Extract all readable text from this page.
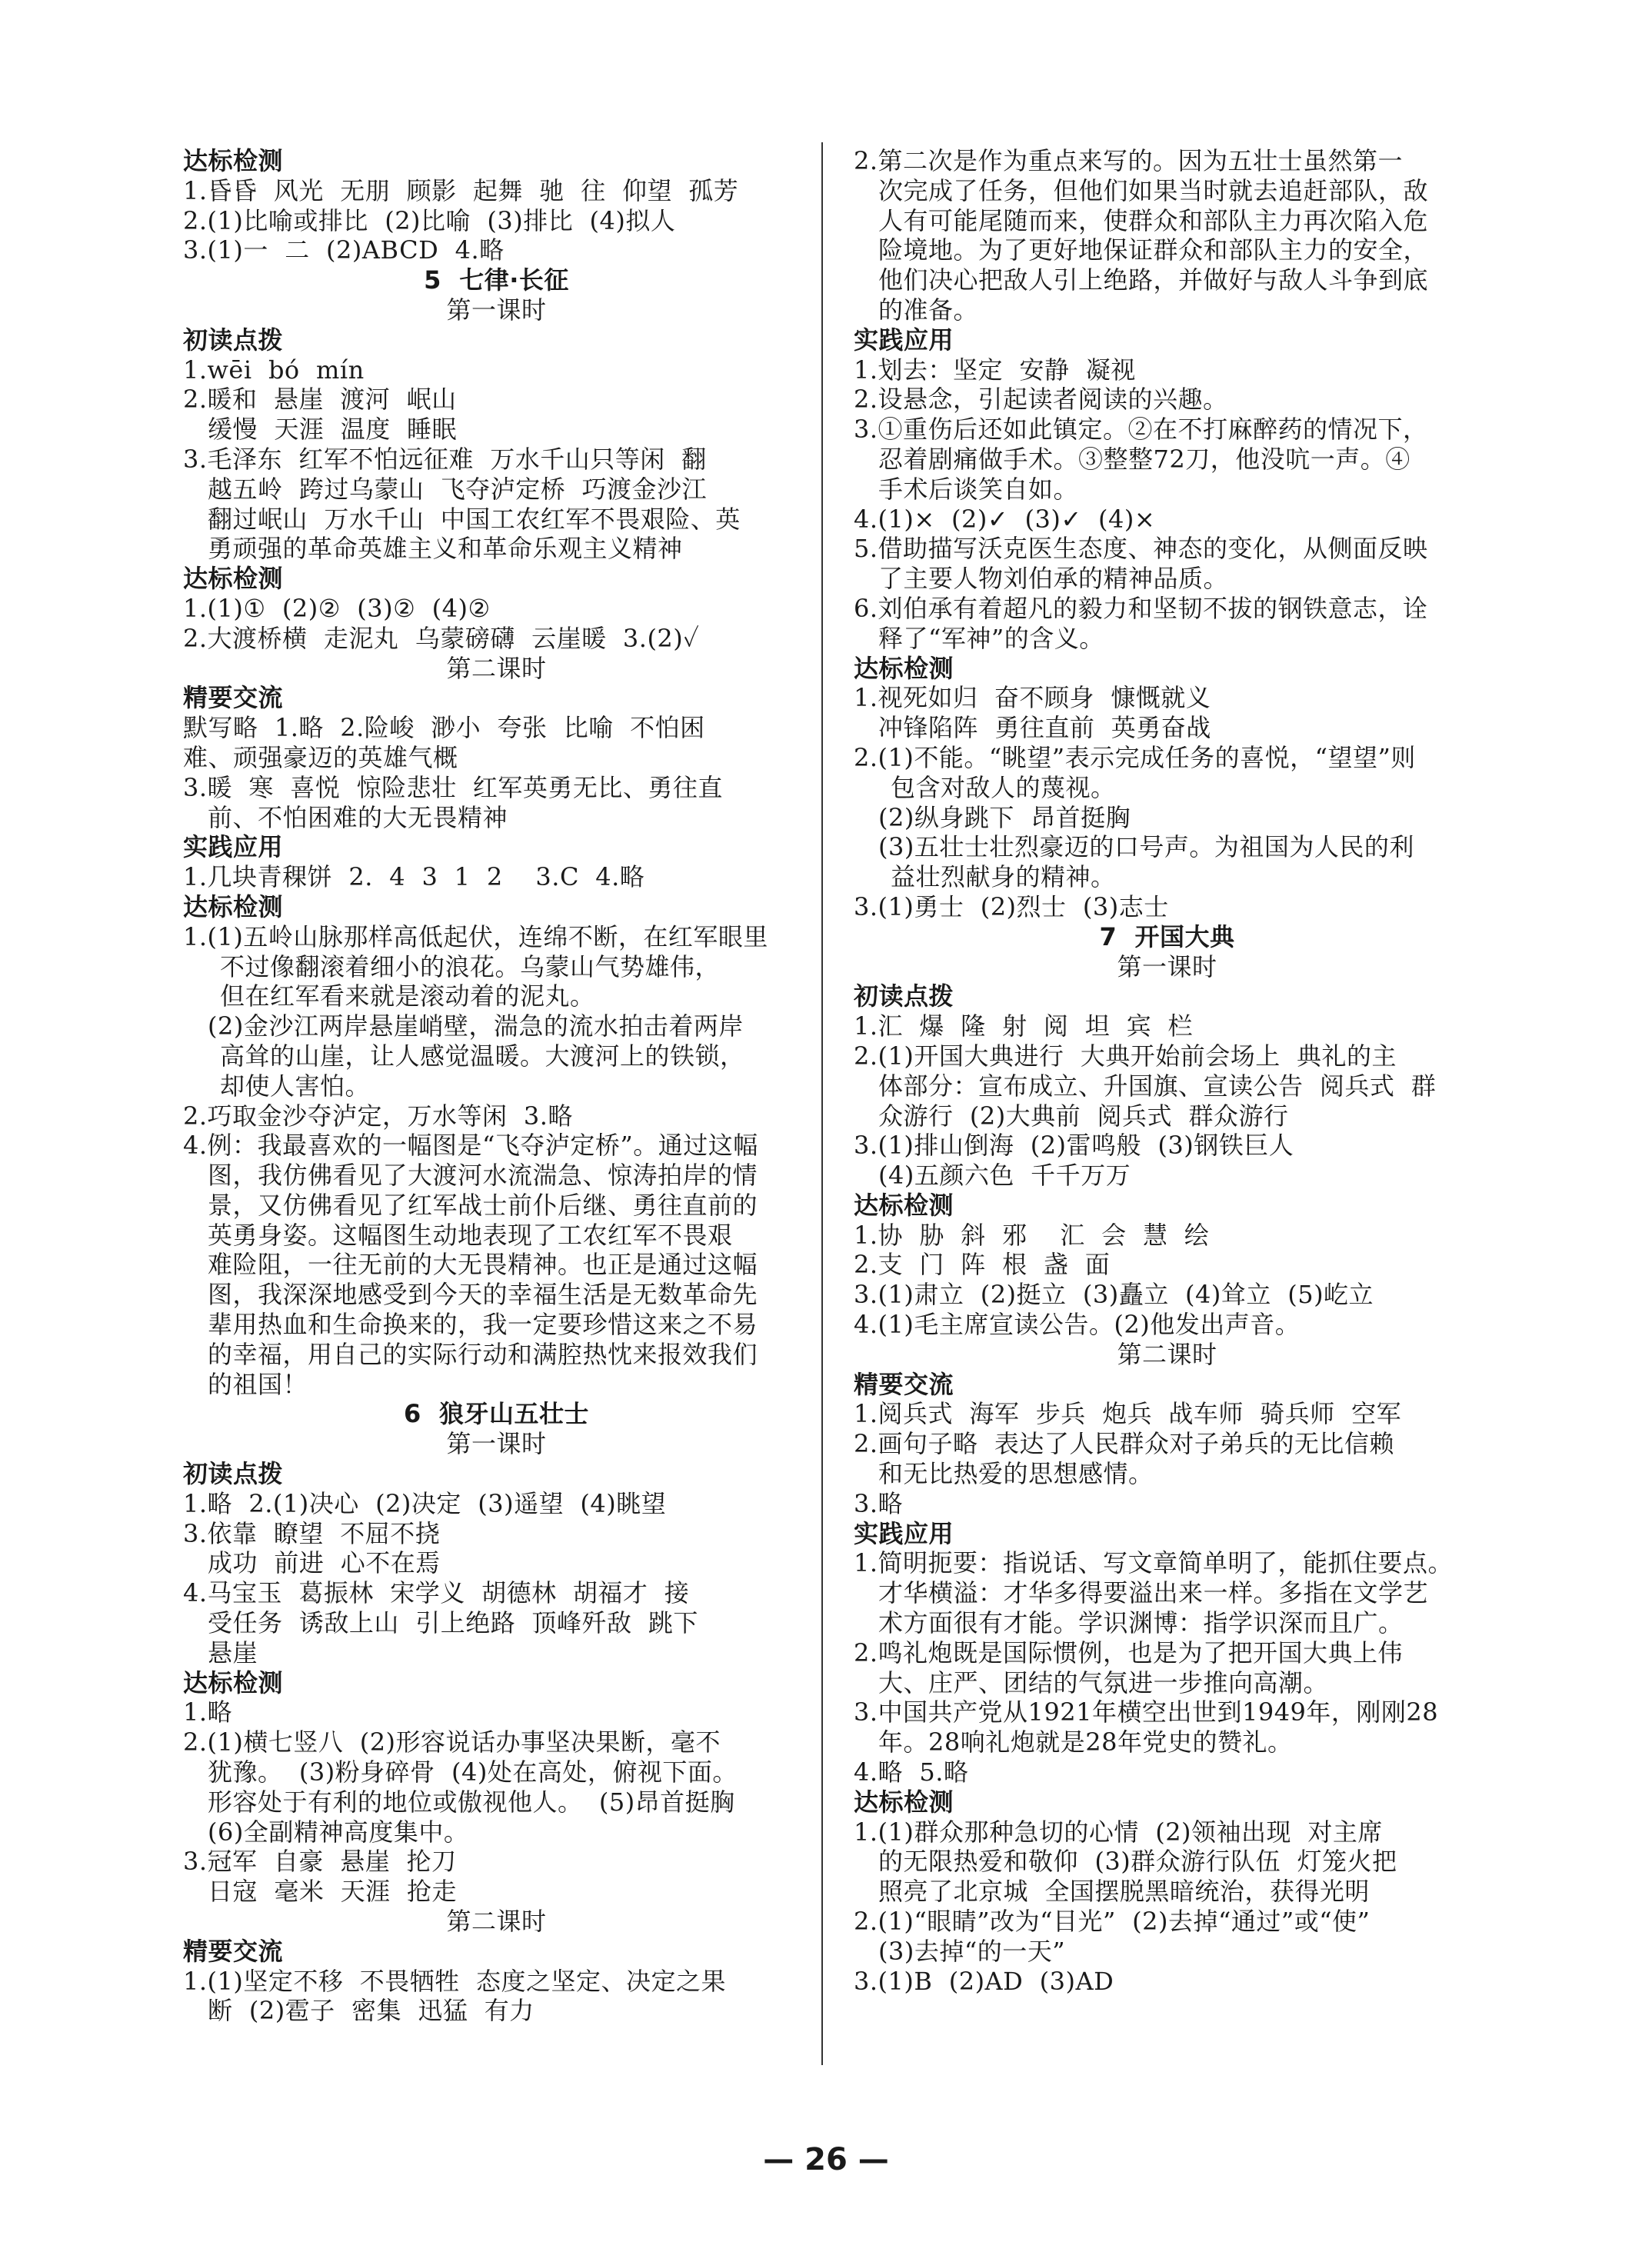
达标检测
1.昏昏  风光  无朋  顾影  起舞  驰  往  仰望  孤芳
2.(1)比喻或排比  (2)比喻  (3)排比  (4)拟人
3.(1)一  二  (2)ABCD  4.略
5  七律·长征
第一课时
初读点拨
1.wēi  bó  mín
2.暖和  悬崖  渡河  岷山
缓慢  天涯  温度  睡眠
3.毛泽东  红军不怕远征难  万水千山只等闲  翻
越五岭  跨过乌蒙山  飞夺泸定桥  巧渡金沙江
翻过岷山  万水千山  中国工农红军不畏艰险、英
勇顽强的革命英雄主义和革命乐观主义精神
达标检测
1.(1)①  (2)②  (3)②  (4)②
2.大渡桥横  走泥丸  乌蒙磅礴  云崖暖  3.(2)✓
第二课时
精要交流
默写略  1.略  2.险峻  渺小  夸张  比喻  不怕困
难、顽强豪迈的英雄气概
3.暖  寒  喜悦  惊险悲壮  红军英勇无比、勇往直
前、不怕困难的大无畏精神
实践应用
1.几块青稞饼  2.  4  3  1  2    3.C  4.略
达标检测
1.(1)五岭山脉那样高低起伏，连绵不断，在红军眼里
不过像翻滚着细小的浪花。乌蒙山气势雄伟，
但在红军看来就是滚动着的泥丸。
(2)金沙江两岸悬崖峭壁，湍急的流水拍击着两岸
高耸的山崖，让人感觉温暖。大渡河上的铁锁，
却使人害怕。
2.巧取金沙夺泸定，万水等闲  3.略
4.例：我最喜欢的一幅图是“飞夺泸定桥”。通过这幅
图，我仿佛看见了大渡河水流湍急、惊涛拍岸的情
景，又仿佛看见了红军战士前仆后继、勇往直前的
英勇身姿。这幅图生动地表现了工农红军不畏艰
难险阻，一往无前的大无畏精神。也正是通过这幅
图，我深深地感受到今天的幸福生活是无数革命先
辈用热血和生命换来的，我一定要珍惜这来之不易
的幸福，用自己的实际行动和满腔热忱来报效我们
的祖国！
6  狼牙山五壮士
第一课时
初读点拨
1.略  2.(1)决心  (2)决定  (3)遥望  (4)眺望
3.依靠  瞭望  不屈不挠
成功  前进  心不在焉
4.马宝玉  葛振林  宋学义  胡德林  胡福才  接
受任务  诱敌上山  引上绝路  顶峰歼敌  跳下
悬崖
达标检测
1.略
2.(1)横七竖八  (2)形容说话办事坚决果断，毫不
犹豫。  (3)粉身碎骨  (4)处在高处，俯视下面。
形容处于有利的地位或傲视他人。  (5)昂首挺胸
(6)全副精神高度集中。
3.冠军  自豪  悬崖  抡刀
日寇  毫米  天涯  抢走
第二课时
精要交流
1.(1)坚定不移  不畏牺牲  态度之坚定、决定之果
断  (2)雹子  密集  迅猛  有力
2.第二次是作为重点来写的。因为五壮士虽然第一
次完成了任务，但他们如果当时就去追赶部队，敌
人有可能尾随而来，使群众和部队主力再次陷入危
险境地。为了更好地保证群众和部队主力的安全，
他们决心把敌人引上绝路，并做好与敌人斗争到底
的准备。
实践应用
1.划去：坚定  安静  凝视
2.设悬念，引起读者阅读的兴趣。
3.①重伤后还如此镇定。②在不打麻醉药的情况下，
忍着剧痛做手术。③整整72刀，他没吭一声。④
手术后谈笑自如。
4.(1)×  (2)✓  (3)✓  (4)×
5.借助描写沃克医生态度、神态的变化，从侧面反映
了主要人物刘伯承的精神品质。
6.刘伯承有着超凡的毅力和坚韧不拔的钢铁意志，诠
释了“军神”的含义。
达标检测
1.视死如归  奋不顾身  慷慨就义
冲锋陷阵  勇往直前  英勇奋战
2.(1)不能。“眺望”表示完成任务的喜悦，“望望”则
包含对敌人的蔑视。
(2)纵身跳下  昂首挺胸
(3)五壮士壮烈豪迈的口号声。为祖国为人民的利
益壮烈献身的精神。
3.(1)勇士  (2)烈士  (3)志士
7  开国大典
第一课时
初读点拨
1.汇  爆  隆  射  阅  坦  宾  栏
2.(1)开国大典进行  大典开始前会场上  典礼的主
体部分：宣布成立、升国旗、宣读公告  阅兵式  群
众游行  (2)大典前  阅兵式  群众游行
3.(1)排山倒海  (2)雷鸣般  (3)钢铁巨人
(4)五颜六色  千千万万
达标检测
1.协  胁  斜  邪    汇  会  慧  绘
2.支  门  阵  根  盏  面
3.(1)肃立  (2)挺立  (3)矗立  (4)耸立  (5)屹立
4.(1)毛主席宣读公告。(2)他发出声音。
第二课时
精要交流
1.阅兵式  海军  步兵  炮兵  战车师  骑兵师  空军
2.画句子略  表达了人民群众对子弟兵的无比信赖
和无比热爱的思想感情。
3.略
实践应用
1.简明扼要：指说话、写文章简单明了，能抓住要点。
才华横溢：才华多得要溢出来一样。多指在文学艺
术方面很有才能。学识渊博：指学识深而且广。
2.鸣礼炮既是国际惯例，也是为了把开国大典上伟
大、庄严、团结的气氛进一步推向高潮。
3.中国共产党从1921年横空出世到1949年，刚刚28
年。28响礼炮就是28年党史的赞礼。
4.略  5.略
达标检测
1.(1)群众那种急切的心情  (2)领袖出现  对主席
的无限热爱和敬仰  (3)群众游行队伍  灯笼火把
照亮了北京城  全国摆脱黑暗统治，获得光明
2.(1)“眼睛”改为“目光”  (2)去掉“通过”或“使”
(3)去掉“的一天”
3.(1)B  (2)AD  (3)AD
— 26 —
